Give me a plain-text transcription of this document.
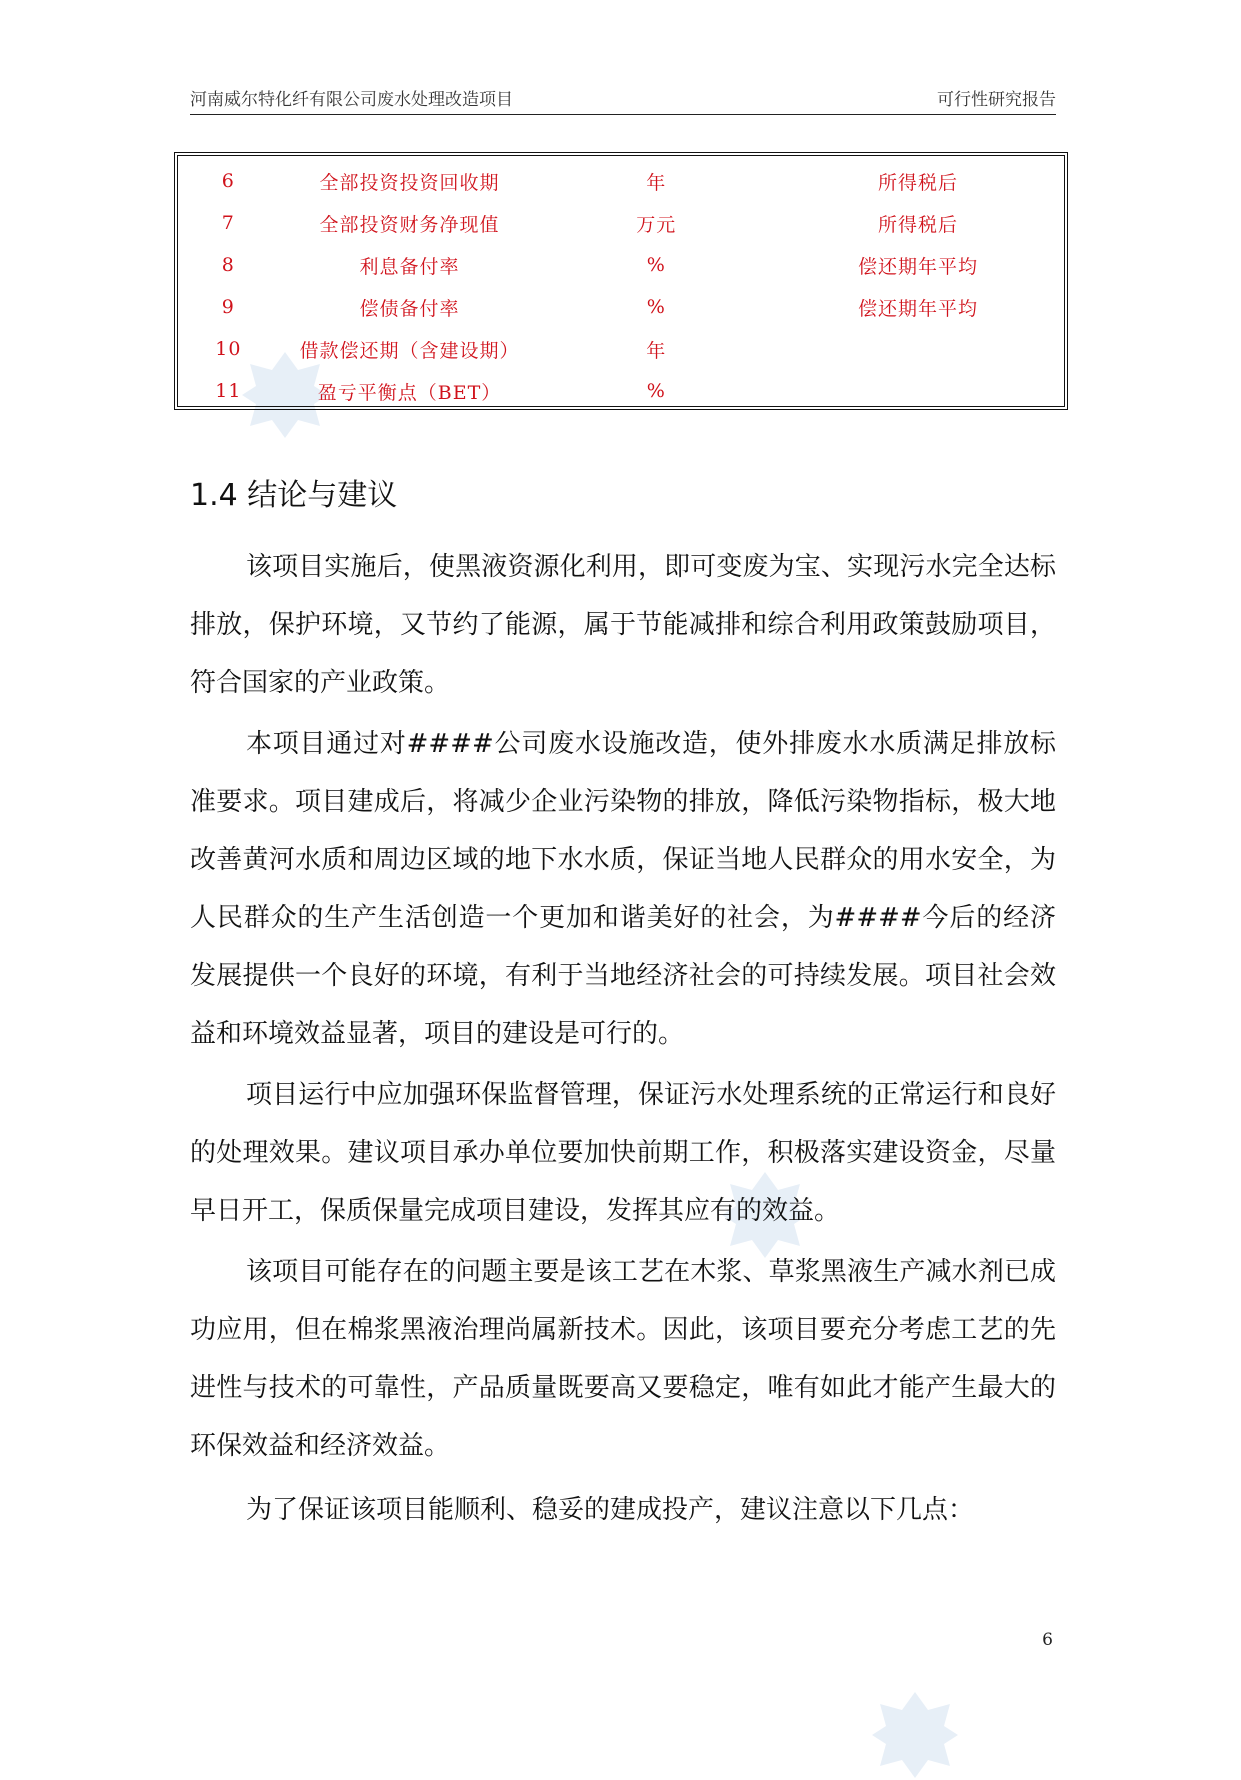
河南威尔特化纤有限公司废水处理改造项目	可行性研究报告
6	全部投资投资回收期	年	所得税后
7	全部投资财务净现值	万元	所得税后
8	利息备付率	%	偿还期年平均
9	偿债备付率	%	偿还期年平均
10	借款偿还期（含建设期）	年	
11	盈亏平衡点（BET）	%	
1.4 结论与建议

该项目实施后，使黑液资源化利用，即可变废为宝、实现污水完全达标排放，保护环境，又节约了能源，属于节能减排和综合利用政策鼓励项目，符合国家的产业政策。

本项目通过对####公司废水设施改造，使外排废水水质满足排放标准要求。项目建成后，将减少企业污染物的排放，降低污染物指标，极大地改善黄河水质和周边区域的地下水水质，保证当地人民群众的用水安全，为人民群众的生产生活创造一个更加和谐美好的社会，为####今后的经济发展提供一个良好的环境，有利于当地经济社会的可持续发展。项目社会效益和环境效益显著，项目的建设是可行的。

项目运行中应加强环保监督管理，保证污水处理系统的正常运行和良好的处理效果。建议项目承办单位要加快前期工作，积极落实建设资金，尽量早日开工，保质保量完成项目建设，发挥其应有的效益。

该项目可能存在的问题主要是该工艺在木浆、草浆黑液生产减水剂已成功应用，但在棉浆黑液治理尚属新技术。因此，该项目要充分考虑工艺的先进性与技术的可靠性，产品质量既要高又要稳定，唯有如此才能产生最大的环保效益和经济效益。

为了保证该项目能顺利、稳妥的建成投产，建议注意以下几点：

6
